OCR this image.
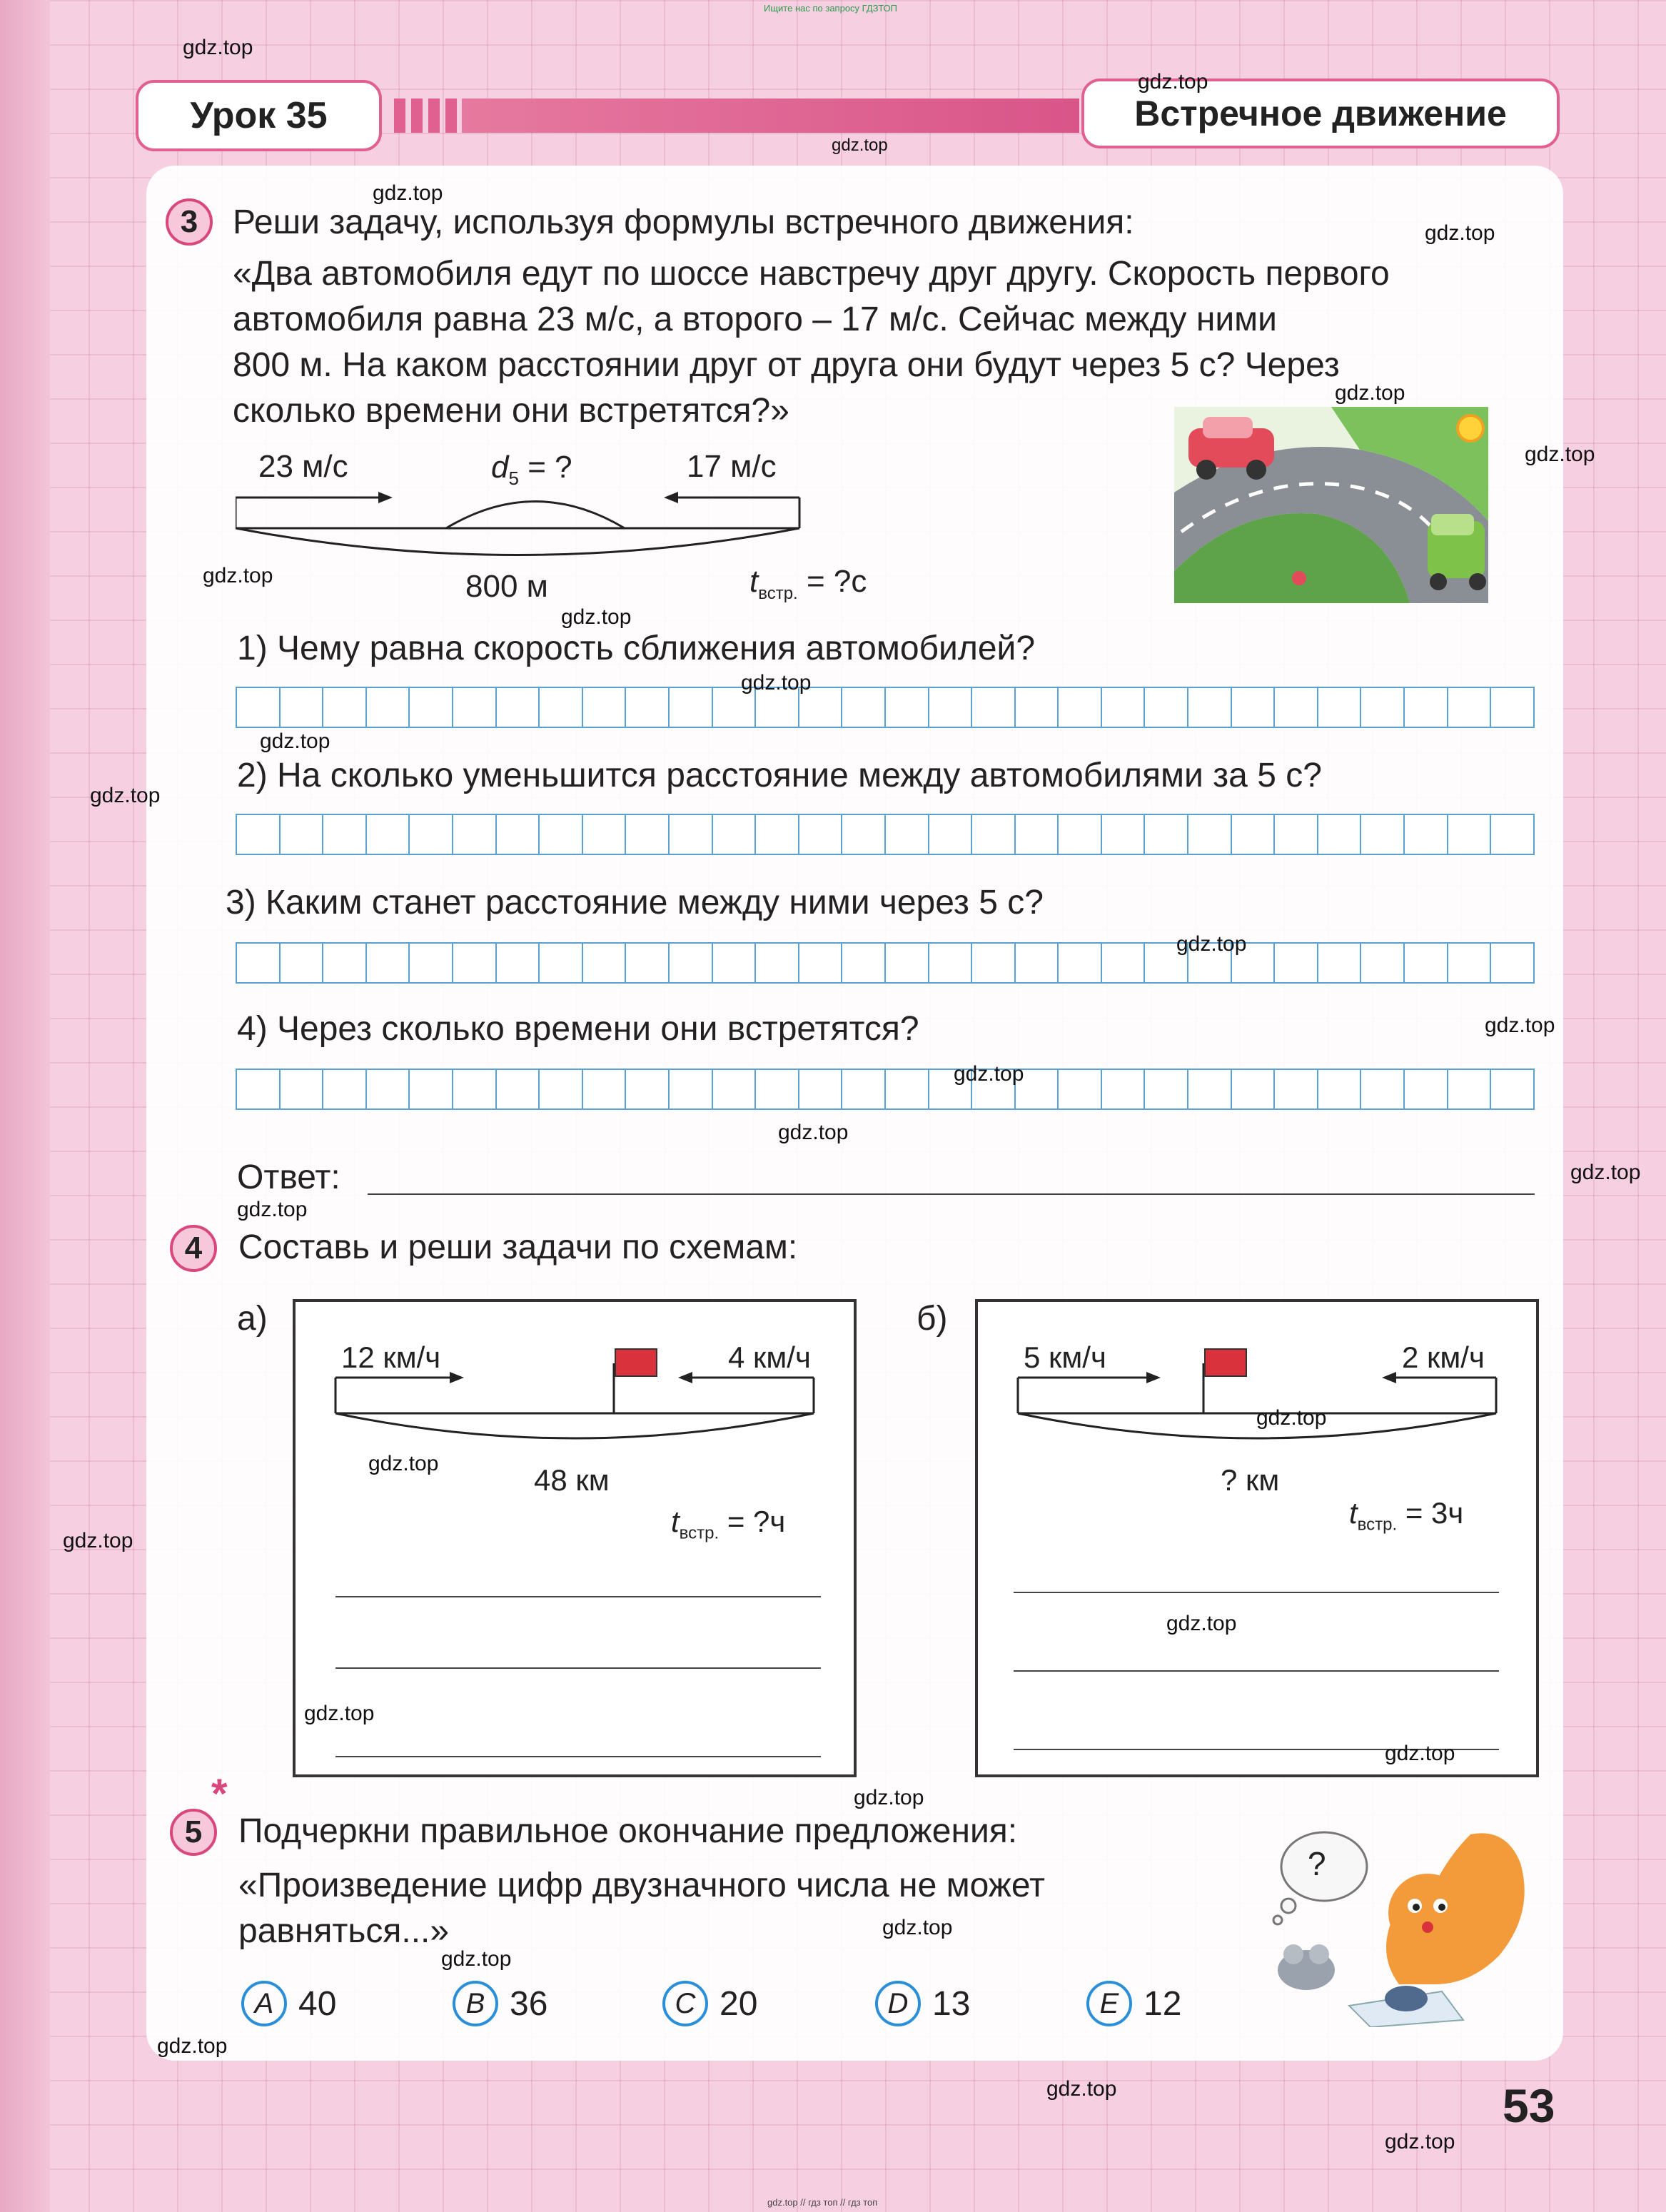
Ищите нас по запросу ГДЗТОП
gdz.top // гдз топ // гдз топ
Урок 35	Встречное движение
3 Реши задачу, используя формулы встречного движения:
«Два автомобиля едут по шоссе навстречу друг другу. Скорость первого
автомобиля равна 23 м/с, а второго – 17 м/с. Сейчас между ними
800 м. На каком расстоянии друг от друга они будут через 5 с? Через
сколько времени они встретятся?»
23 м/с	17 м/с
$d_5$ = ?
800 м	$t_{встр.}$ = ?с
1) Чему равна скорость сближения автомобилей?
2) На сколько уменьшится расстояние между автомобилями за 5 с?
3) Каким станет расстояние между ними через 5 с?
4) Через сколько времени они встретятся?
Ответ:
4 Составь и реши задачи по схемам:
а)
12 км/ч	4 км/ч
48 км
$t_{встр.}$ = ?ч
б)
5 км/ч	2 км/ч
? км
$t_{встр.} = 3ч$
*
5 Подчеркни правильное окончание предложения:
«Произведение цифр двузначного числа не может
равняться...»
A 40	B 36	C 20	D 13	E 12
?
53
gdz.top
gdz.top
gdz.top
gdz.top
gdz.top
gdz.top
gdz.top
gdz.top
gdz.top
gdz.top
gdz.top
gdz.top
gdz.top
gdz.top
gdz.top
gdz.top
gdz.top
gdz.top
gdz.top
gdz.top
gdz.top
gdz.top
gdz.top
gdz.top
gdz.top
gdz.top
gdz.top
gdz.top
gdz.top
gdz.top
